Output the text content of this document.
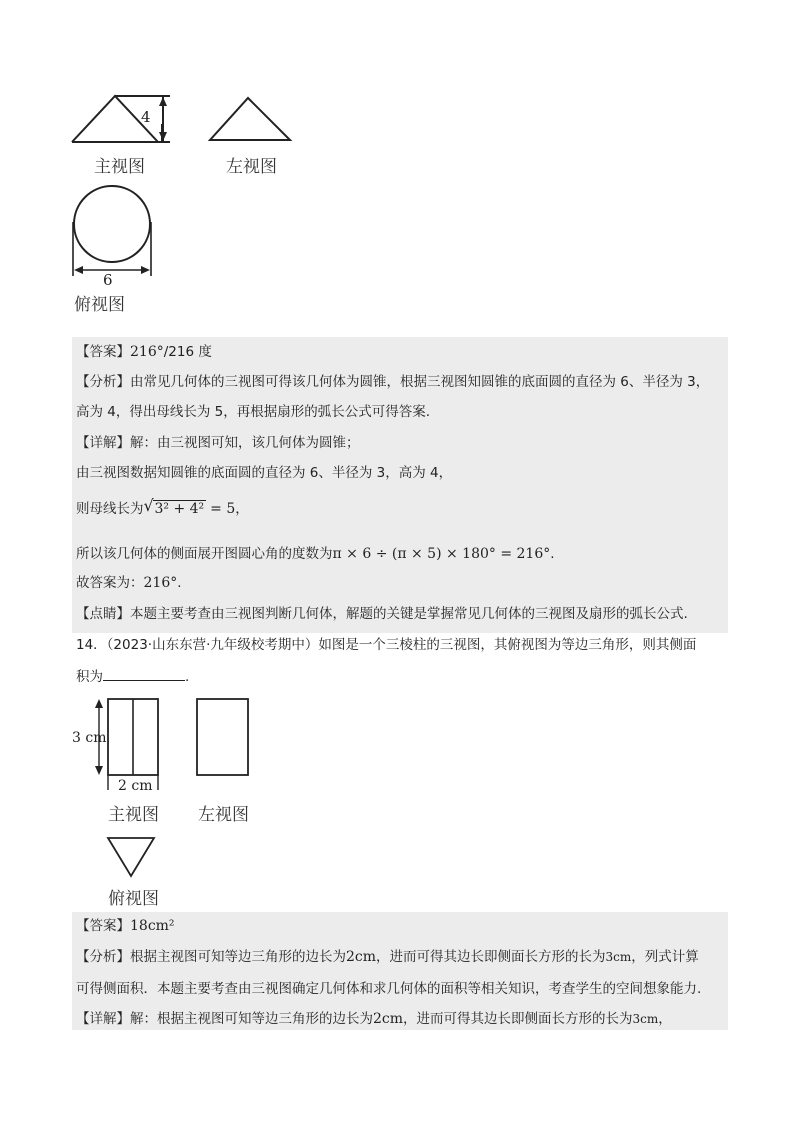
4
主视图	左视图
6
俯视图
【答案】216°/216 度
【分析】由常见几何体的三视图可得该几何体为圆锥，根据三视图知圆锥的底面圆的直径为 6、半径为 3，
高为 4，得出母线长为 5，再根据扇形的弧长公式可得答案.
【详解】解：由三视图可知，该几何体为圆锥；
由三视图数据知圆锥的底面圆的直径为 6、半径为 3，高为 4，
则母线长为 √ 3² + 4² = 5，
所以该几何体的侧面展开图圆心角的度数为π × 6 ÷ (π × 5) × 180° = 216°.
故答案为：216°.
【点睛】本题主要考查由三视图判断几何体，解题的关键是掌握常见几何体的三视图及扇形的弧长公式.
14．（2023·山东东营·九年级校考期中）如图是一个三棱柱的三视图，其俯视图为等边三角形，则其侧面
积为	.
3 cm
2 cm
主视图 左视图
俯视图
【答案】18cm²
【分析】根据主视图可知等边三角形的边长为2cm，进而可得其边长即侧面长方形的长为3cm，列式计算
可得侧面积．本题主要考查由三视图确定几何体和求几何体的面积等相关知识，考查学生的空间想象能力.
【详解】解：根据主视图可知等边三角形的边长为2cm，进而可得其边长即侧面长方形的长为3cm，
